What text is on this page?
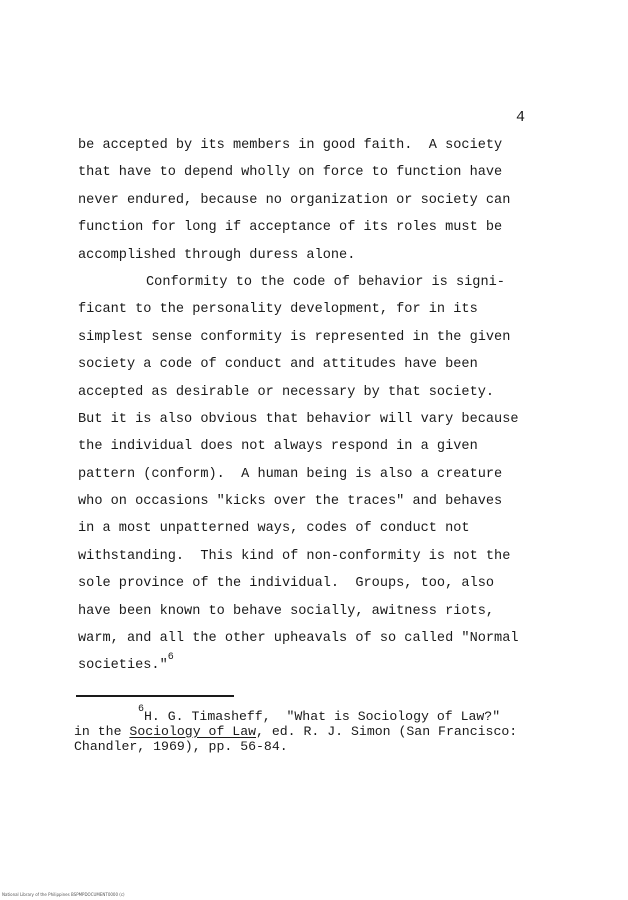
4
be accepted by its members in good faith.  A society
that have to depend wholly on force to function have
never endured, because no organization or society can
function for long if acceptance of its roles must be
accomplished through duress alone.
Conformity to the code of behavior is signi-
ficant to the personality development, for in its
simplest sense conformity is represented in the given
society a code of conduct and attitudes have been
accepted as desirable or necessary by that society.
But it is also obvious that behavior will vary because
the individual does not always respond in a given
pattern (conform).  A human being is also a creature
who on occasions "kicks over the traces" and behaves
in a most unpatterned ways, codes of conduct not
withstanding.  This kind of non-conformity is not the
sole province of the individual.  Groups, too, also
have been known to behave socially, awitness riots,
warm, and all the other upheavals of so called "Normal
societies."$^6$
$^6$H. G. Timasheff,  "What is Sociology of Law?"
in the Sociology of Law, ed. R. J. Simon (San Francisco:
Chandler, 1969), pp. 56-84.
National Library of the Philippines BSPMPDOCUMENT0000 (c)
